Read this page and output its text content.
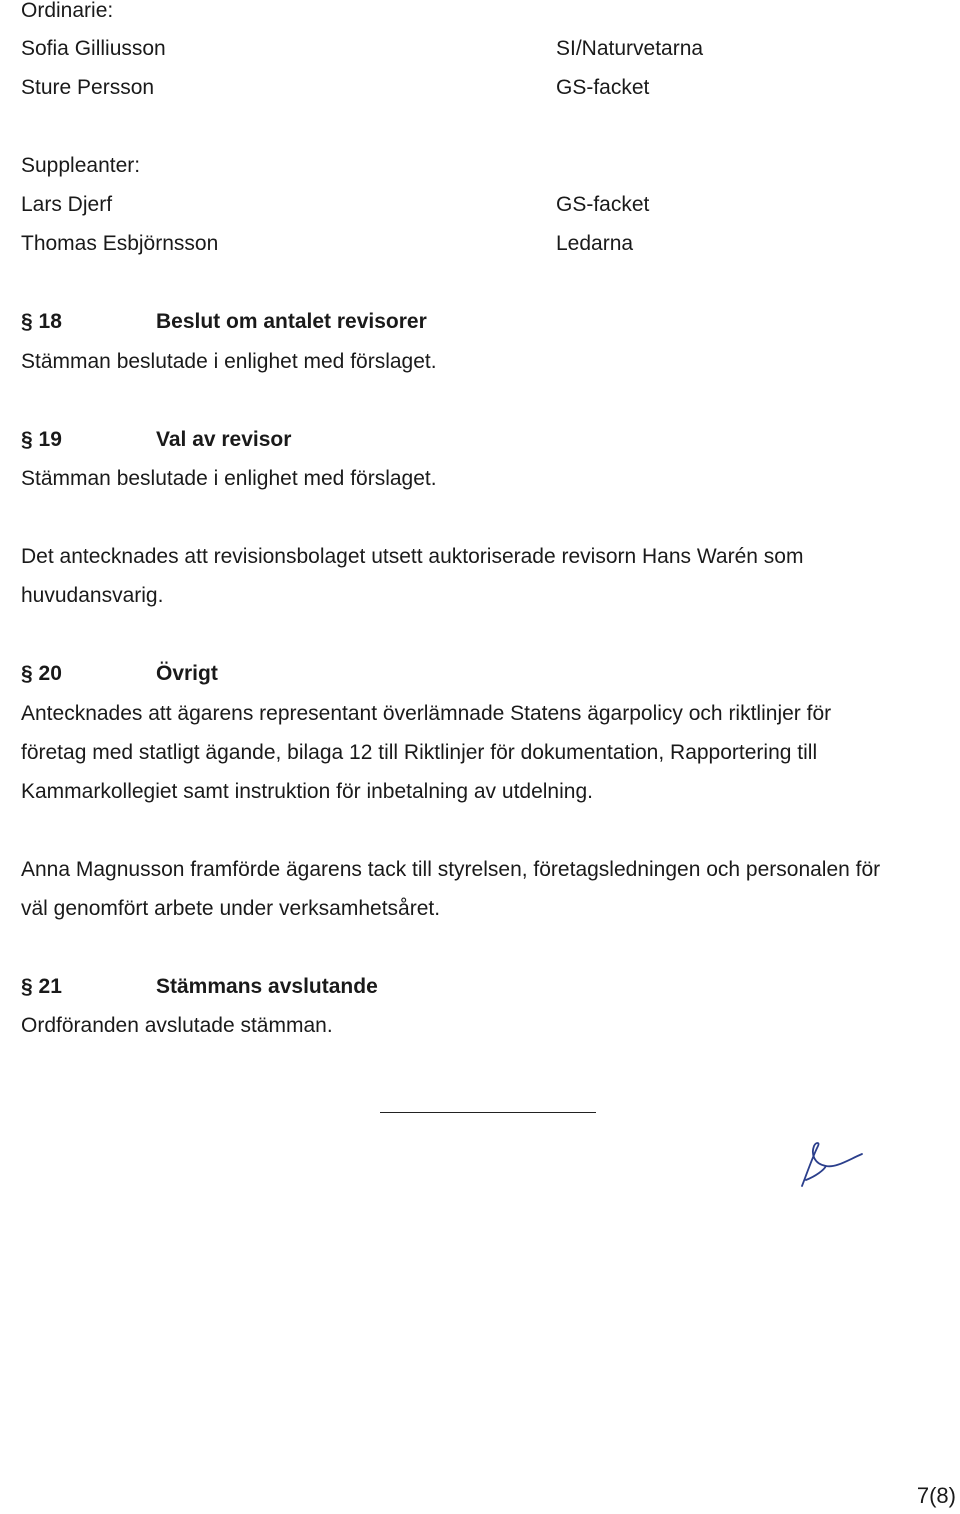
Ordinarie:
Sofia Gilliusson	SI/Naturvetarna
Sture Persson	GS-facket
Suppleanter:
Lars Djerf	GS-facket
Thomas Esbjörnsson	Ledarna
§ 18	Beslut om antalet revisorer
Stämman beslutade i enlighet med förslaget.
§ 19	Val av revisor
Stämman beslutade i enlighet med förslaget.
Det antecknades att revisionsbolaget utsett auktoriserade revisorn Hans Warén som
huvudansvarig.
§ 20	Övrigt
Antecknades att ägarens representant överlämnade Statens ägarpolicy och riktlinjer för
företag med statligt ägande, bilaga 12 till Riktlinjer för dokumentation, Rapportering till
Kammarkollegiet samt instruktion för inbetalning av utdelning.
Anna Magnusson framförde ägarens tack till styrelsen, företagsledningen och personalen för
väl genomfört arbete under verksamhetsåret.
§ 21	Stämmans avslutande
Ordföranden avslutade stämman.
7(8)
